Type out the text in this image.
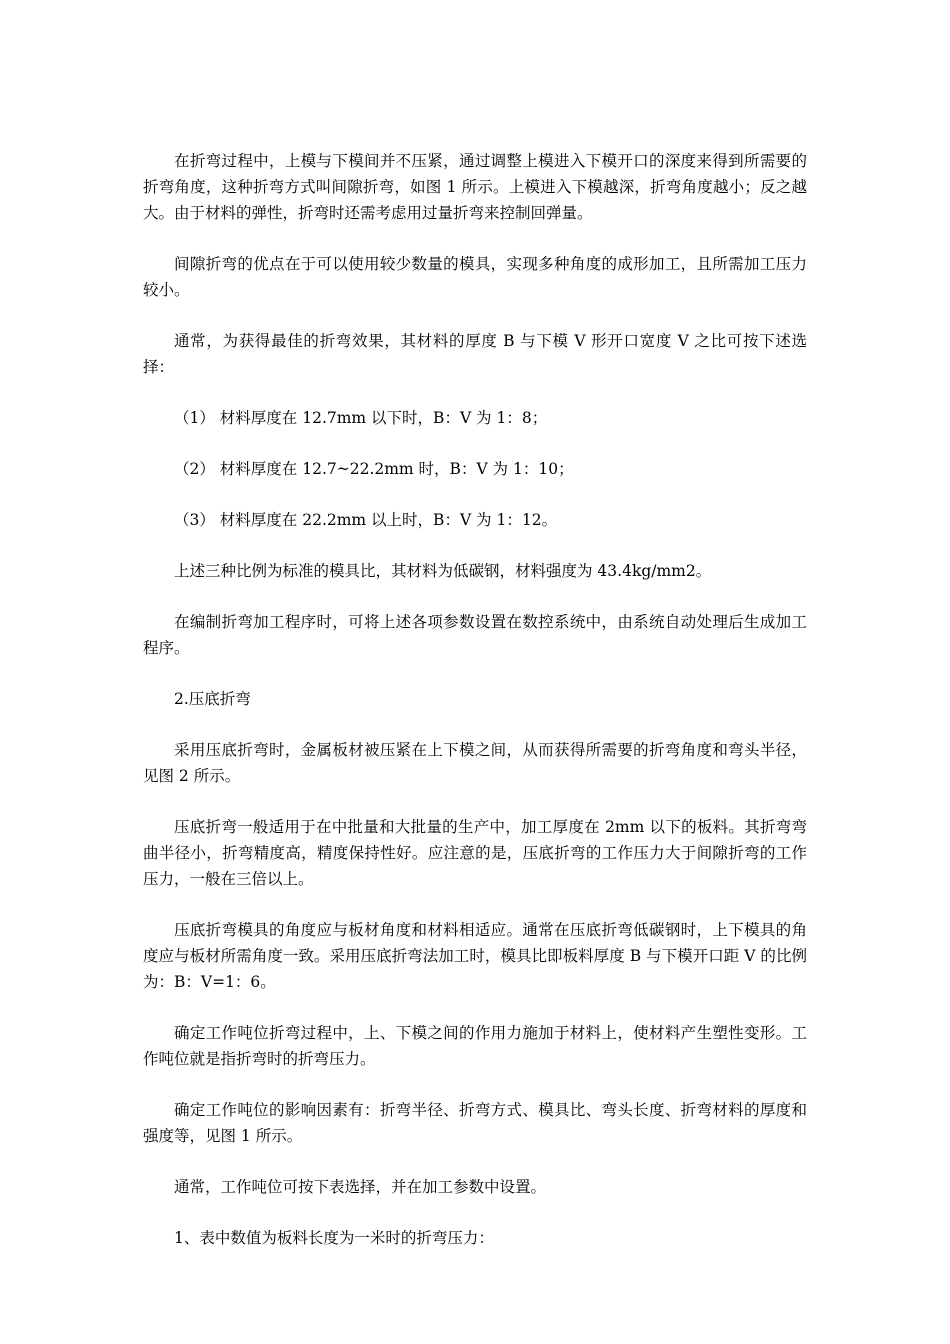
在折弯过程中，上模与下模间并不压紧，通过调整上模进入下模开口的深度来得到所需要的折弯角度，这种折弯方式叫间隙折弯，如图 1 所示。上模进入下模越深，折弯角度越小；反之越大。由于材料的弹性，折弯时还需考虑用过量折弯来控制回弹量。

间隙折弯的优点在于可以使用较少数量的模具，实现多种角度的成形加工，且所需加工压力较小。

通常，为获得最佳的折弯效果，其材料的厚度 B 与下模 V 形开口宽度 V 之比可按下述选择：

（1） 材料厚度在 12.7mm 以下时，B：V 为 1：8；

（2） 材料厚度在 12.7~22.2mm 时，B：V 为 1：10；

（3） 材料厚度在 22.2mm 以上时，B：V 为 1：12。

上述三种比例为标准的模具比，其材料为低碳钢，材料强度为 43.4kg/mm2。

在编制折弯加工程序时，可将上述各项参数设置在数控系统中，由系统自动处理后生成加工程序。

2.压底折弯

采用压底折弯时，金属板材被压紧在上下模之间，从而获得所需要的折弯角度和弯头半径，见图 2 所示。

压底折弯一般适用于在中批量和大批量的生产中，加工厚度在 2mm 以下的板料。其折弯弯曲半径小，折弯精度高，精度保持性好。应注意的是，压底折弯的工作压力大于间隙折弯的工作压力，一般在三倍以上。

压底折弯模具的角度应与板材角度和材料相适应。通常在压底折弯低碳钢时，上下模具的角度应与板材所需角度一致。采用压底折弯法加工时，模具比即板料厚度 B 与下模开口距 V 的比例为：B：V=1：6。

确定工作吨位折弯过程中，上、下模之间的作用力施加于材料上，使材料产生塑性变形。工作吨位就是指折弯时的折弯压力。

确定工作吨位的影响因素有：折弯半径、折弯方式、模具比、弯头长度、折弯材料的厚度和强度等，见图 1 所示。

通常，工作吨位可按下表选择，并在加工参数中设置。

1、表中数值为板料长度为一米时的折弯压力：
